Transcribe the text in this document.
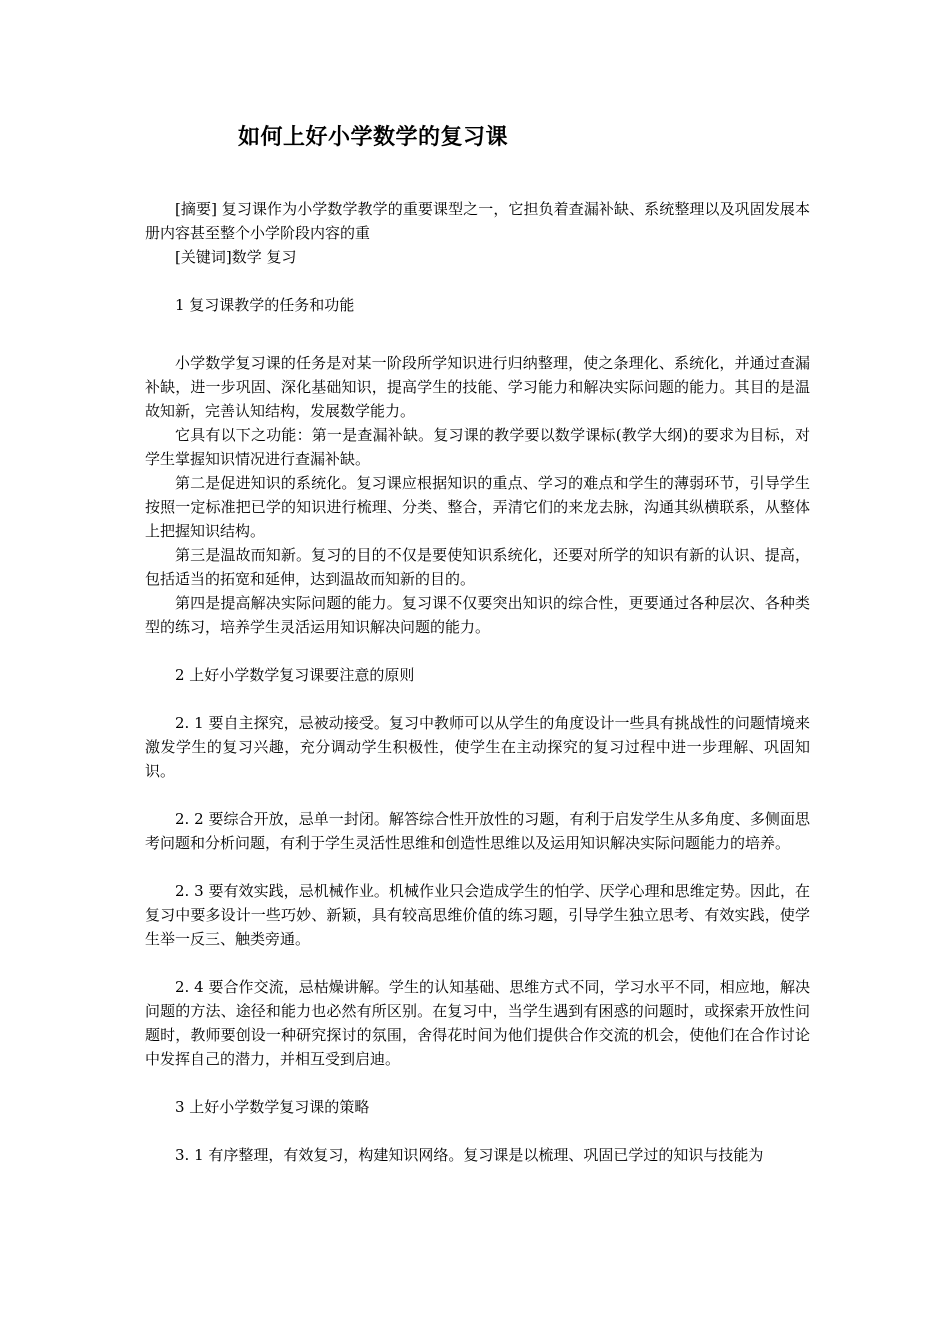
如何上好小学数学的复习课

[摘要] 复习课作为小学数学教学的重要课型之一，它担负着查漏补缺、系统整理以及巩固发展本册内容甚至整个小学阶段内容的重

[关键词]数学 复习

1 复习课教学的任务和功能

小学数学复习课的任务是对某一阶段所学知识进行归纳整理，使之条理化、系统化，并通过查漏补缺，进一步巩固、深化基础知识，提高学生的技能、学习能力和解决实际问题的能力。其目的是温故知新，完善认知结构，发展数学能力。

它具有以下之功能：第一是查漏补缺。复习课的教学要以数学课标(教学大纲)的要求为目标，对学生掌握知识情况进行查漏补缺。

第二是促进知识的系统化。复习课应根据知识的重点、学习的难点和学生的薄弱环节，引导学生按照一定标准把已学的知识进行梳理、分类、整合，弄清它们的来龙去脉，沟通其纵横联系，从整体上把握知识结构。

第三是温故而知新。复习的目的不仅是要使知识系统化，还要对所学的知识有新的认识、提高，包括适当的拓宽和延伸，达到温故而知新的目的。

第四是提高解决实际问题的能力。复习课不仅要突出知识的综合性，更要通过各种层次、各种类型的练习，培养学生灵活运用知识解决问题的能力。

2 上好小学数学复习课要注意的原则

2. 1 要自主探究，忌被动接受。复习中教师可以从学生的角度设计一些具有挑战性的问题情境来激发学生的复习兴趣，充分调动学生积极性，使学生在主动探究的复习过程中进一步理解、巩固知识。

2. 2 要综合开放，忌单一封闭。解答综合性开放性的习题，有利于启发学生从多角度、多侧面思考问题和分析问题，有利于学生灵活性思维和创造性思维以及运用知识解决实际问题能力的培养。

2. 3 要有效实践，忌机械作业。机械作业只会造成学生的怕学、厌学心理和思维定势。因此，在复习中要多设计一些巧妙、新颖，具有较高思维价值的练习题，引导学生独立思考、有效实践，使学生举一反三、触类旁通。

2. 4 要合作交流，忌枯燥讲解。学生的认知基础、思维方式不同，学习水平不同，相应地，解决问题的方法、途径和能力也必然有所区别。在复习中，当学生遇到有困惑的问题时，或探索开放性问题时，教师要创设一种研究探讨的氛围，舍得花时间为他们提供合作交流的机会，使他们在合作讨论中发挥自己的潜力，并相互受到启迪。

3 上好小学数学复习课的策略

3. 1 有序整理，有效复习，构建知识网络。复习课是以梳理、巩固已学过的知识与技能为
